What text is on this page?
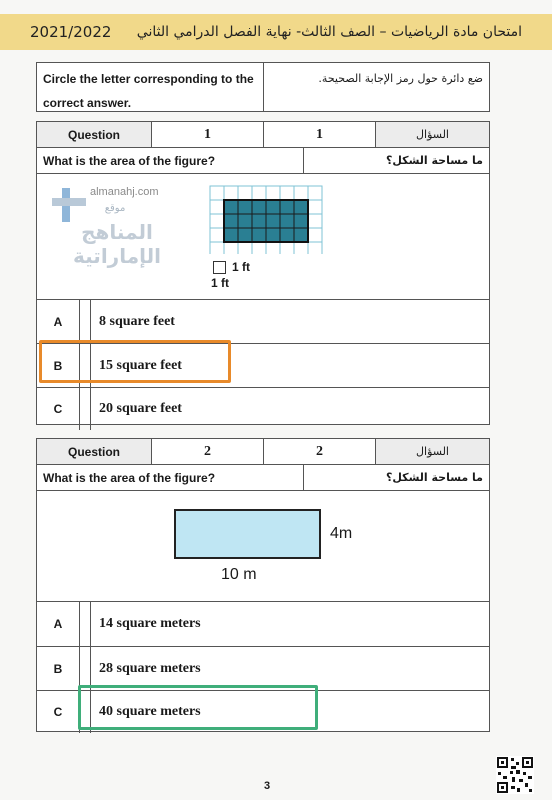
2021/2022 امتحان مادة الرياضيات – الصف الثالث- نهاية الفصل الدرامي الثاني
Circle the letter corresponding to the correct answer.
ضع دائرة حول رمز الإجابة الصحيحة.
Question	1	1	السؤال
What is the area of the figure?	ما مساحة الشكل؟
1 ft
1 ft
A	8 square feet
B	15 square feet
C	20 square feet
almanahj.com
موقع
المناهج الإماراتية
Question	2	2	السؤال
What is the area of the figure?	ما مساحة الشكل؟
4m
10 m
A	14 square meters
B	28 square meters
C	40 square meters
3
